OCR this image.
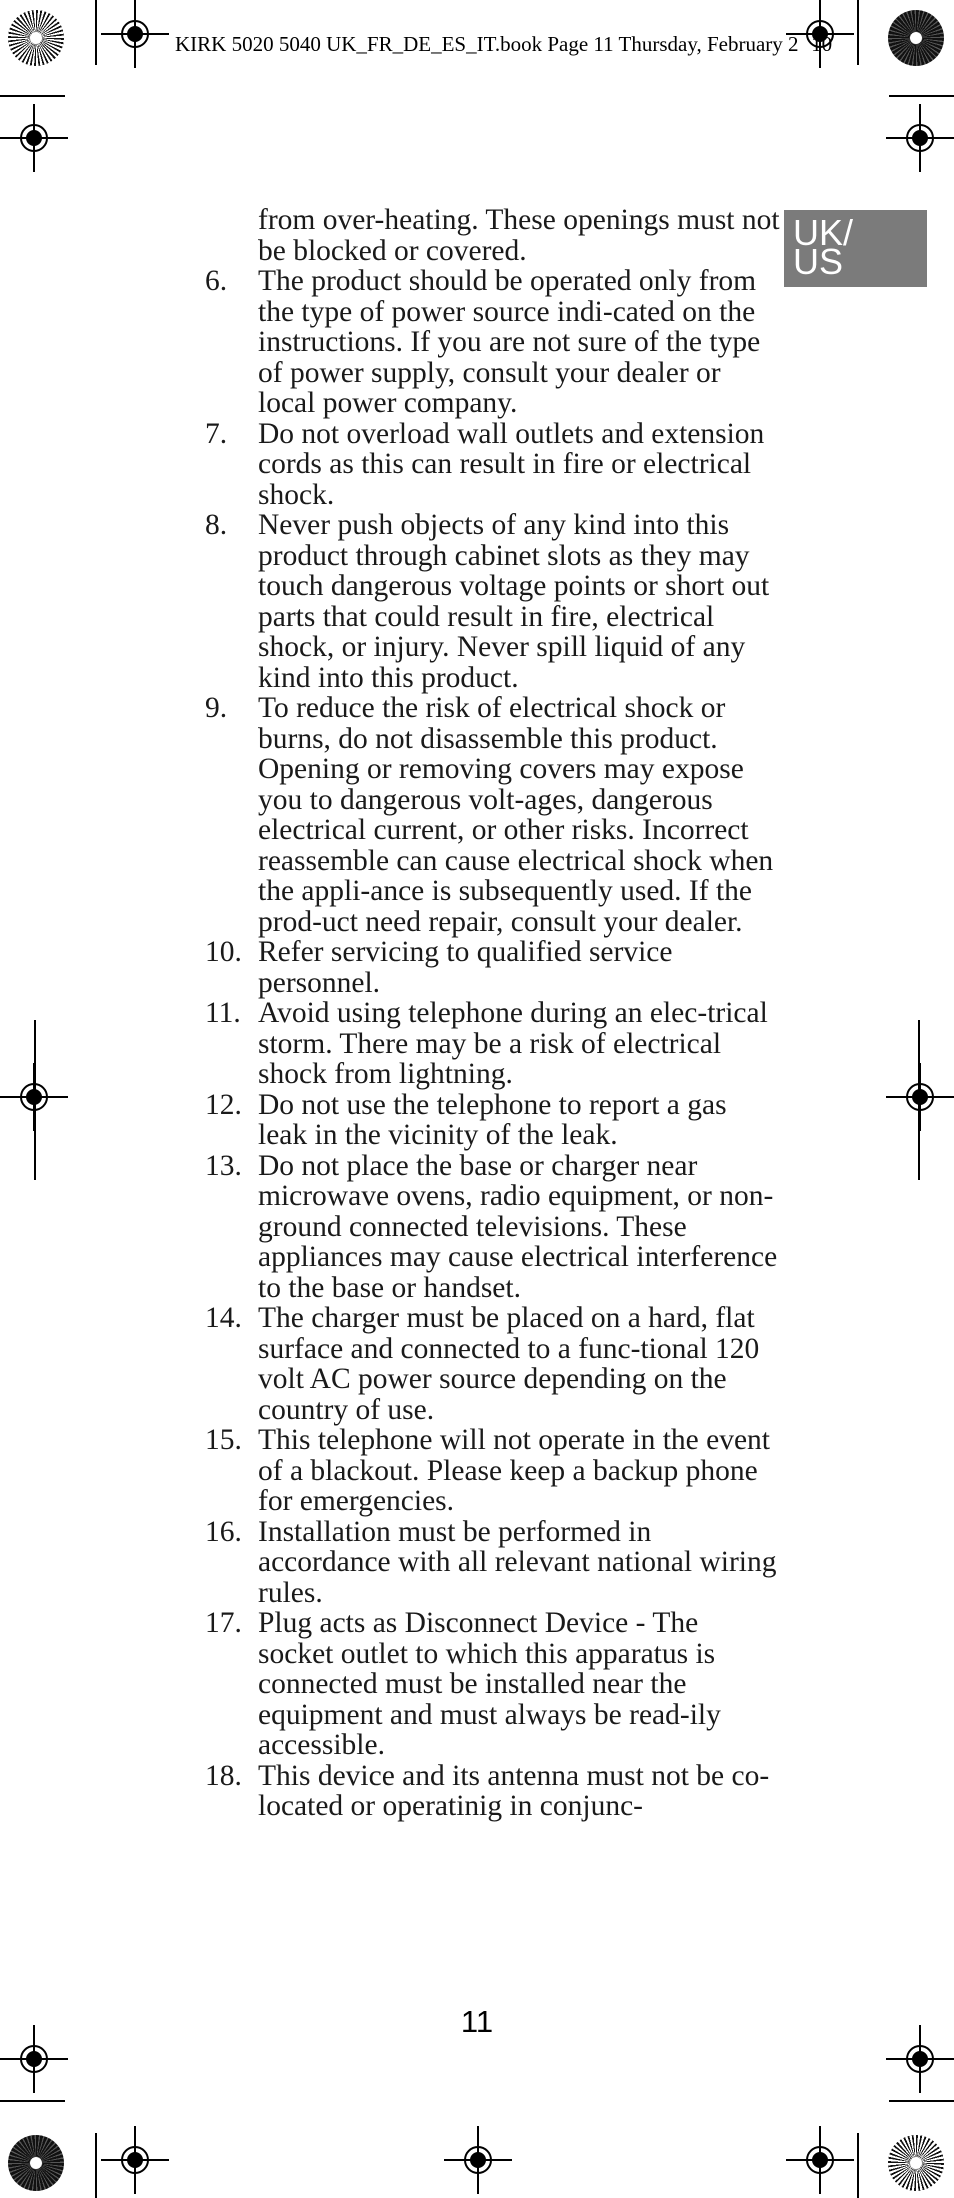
KIRK 5020 5040 UK_FR_DE_ES_IT.book Page 11 Thursday, February 2   10
UK/
US

from over-heating. These openings must not be blocked or covered.

6.	The product should be operated only from the type of power source indi-cated on the instructions. If you are not sure of the type of power supply, consult your dealer or local power company.
7.	Do not overload wall outlets and extension cords as this can result in fire or electrical shock.
8.	Never push objects of any kind into this product through cabinet slots as they may touch dangerous voltage points or short out parts that could result in fire, electrical shock, or injury. Never spill liquid of any kind into this product.
9.	To reduce the risk of electrical shock or burns, do not disassemble this product. Opening or removing covers may expose you to dangerous volt-ages, dangerous electrical current, or other risks. Incorrect reassemble can cause electrical shock when the appli-ance is subsequently used. If the prod-uct need repair, consult your dealer.
10. Refer servicing to qualified service personnel.
11. Avoid using telephone during an elec-trical storm. There may be a risk of electrical shock from lightning.
12. Do not use the telephone to report a gas leak in the vicinity of the leak.
13. Do not place the base or charger near microwave ovens, radio equipment, or non-ground connected televisions. These appliances may cause electrical interference to the base or handset.
14. The charger must be placed on a hard, flat surface and connected to a func-tional 120 volt AC power source depending on the country of use.
15. This telephone will not operate in the event of a blackout. Please keep a backup phone for emergencies.
16. Installation must be performed in accordance with all relevant national wiring rules.
17. Plug acts as Disconnect Device - The socket outlet to which this apparatus is connected must be installed near the equipment and must always be read-ily accessible.
18. This device and its antenna must not be co-located or operatinig in conjunc-
11
